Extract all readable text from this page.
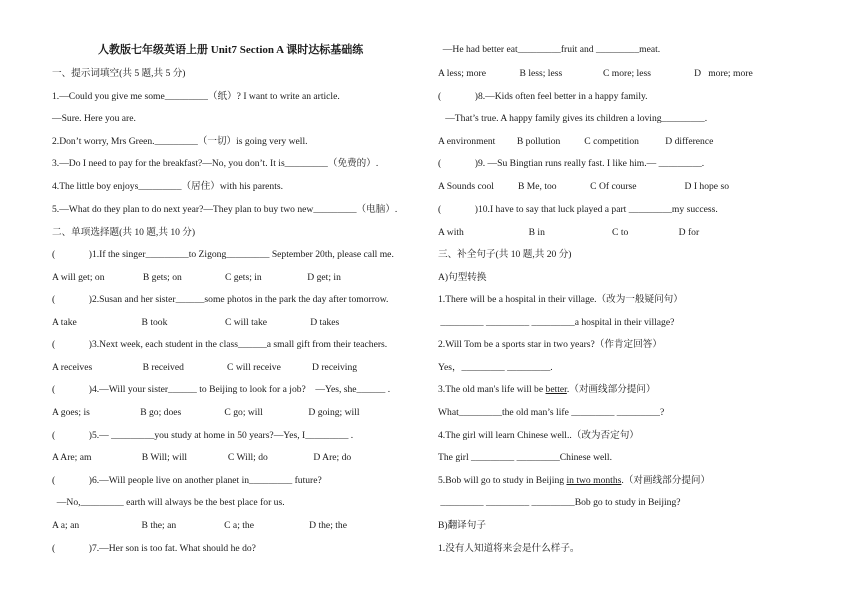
人教版七年级英语上册 Unit7 Section A 课时达标基础练
一、提示词填空(共 5 题,共 5 分)
1.—Could you give me some_________（纸）? I want to write an article.
—Sure. Here you are.
2.Don’t worry, Mrs Green._________（一切）is going very well.
3.—Do I need to pay for the breakfast?—No, you don’t. It is_________（免费的）.
4.The little boy enjoys_________（居住）with his parents.
5.—What do they plan to do next year?—They plan to buy two new_________（电脑）.
二、单项选择题(共 10 题,共 10 分)
(              )1.If the singer_________to Zigong_________ September 20th, please call me.
A will get; on                B gets; on                  C gets; in                   D get; in
(              )2.Susan and her sister______some photos in the park the day after tomorrow.
A take                           B took                        C will take                  D takes
(              )3.Next week, each student in the class______a small gift from their teachers.
A receives                     B received                  C will receive             D receiving
(              )4.—Will your sister______ to Beijing to look for a job?    —Yes, she______ .
A goes; is                     B go; does                  C go; will                   D going; will
(              )5.— _________you study at home in 50 years?—Yes, I_________ .
A Are; am                     B Will; will                 C Will; do                   D Are; do
(              )6.—Will people live on another planet in_________ future?
—No,_________ earth will always be the best place for us.
A a; an                          B the; an                    C a; the                       D the; the
(              )7.—Her son is too fat. What should he do?
—He had better eat_________fruit and _________meat.
A less; more              B less; less                 C more; less                  D   more; more
(              )8.—Kids often feel better in a happy family.
—That’s true. A happy family gives its children a loving_________.
A environment         B pollution          C competition           D difference
(              )9. —Su Bingtian runs really fast. I like him.— _________.
A Sounds cool          B Me, too              C Of course                    D I hope so
(              )10.I have to say that luck played a part _________my success.
A with                           B in                            C to                     D for
三、补全句子(共 10 题,共 20 分)
A)句型转换
1.There will be a hospital in their village.（改为一般疑问句）
_________ _________ _________a hospital in their village?
2.Will Tom be a sports star in two years?（作肯定回答）
Yes，_________ _________.
3.The old man's life will be better.（对画线部分提问）
What_________the old man’s life _________ _________?
4.The girl will learn Chinese well..（改为否定句）
The girl _________ _________Chinese well.
5.Bob will go to study in Beijing in two months.（对画线部分提问）
_________ _________ _________Bob go to study in Beijing?
B)翻译句子
1.没有人知道将来会是什么样子。
